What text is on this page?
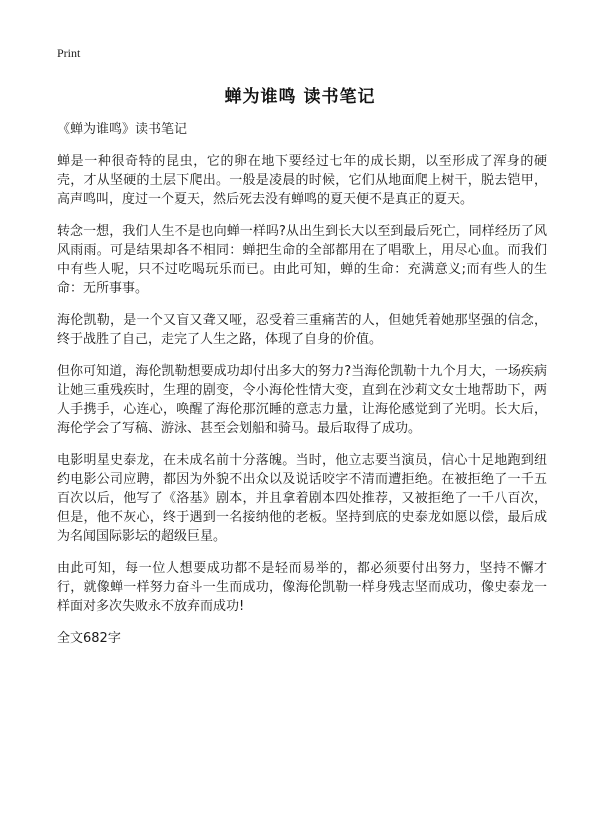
Print
蝉为谁鸣 读书笔记

《蝉为谁鸣》读书笔记

蝉是一种很奇特的昆虫，它的卵在地下要经过七年的成长期，以至形成了浑身的硬壳，才从坚硬的土层下爬出。一般是凌晨的时候，它们从地面爬上树干，脱去铠甲，高声鸣叫，度过一个夏天，然后死去没有蝉鸣的夏天便不是真正的夏天。

转念一想，我们人生不是也向蝉一样吗?从出生到长大以至到最后死亡，同样经历了风风雨雨。可是结果却各不相同：蝉把生命的全部都用在了唱歌上，用尽心血。而我们中有些人呢，只不过吃喝玩乐而已。由此可知，蝉的生命：充满意义;而有些人的生命：无所事事。

海伦凯勒，是一个又盲又聋又哑，忍受着三重痛苦的人，但她凭着她那坚强的信念，终于战胜了自己，走完了人生之路，体现了自身的价值。

但你可知道，海伦凯勒想要成功却付出多大的努力?当海伦凯勒十九个月大，一场疾病让她三重残疾时，生理的剧变，令小海伦性情大变，直到在沙莉文女士地帮助下，两人手携手，心连心，唤醒了海伦那沉睡的意志力量，让海伦感觉到了光明。长大后，海伦学会了写稿、游泳、甚至会划船和骑马。最后取得了成功。

电影明星史泰龙，在未成名前十分落魄。当时，他立志要当演员，信心十足地跑到纽约电影公司应聘，都因为外貌不出众以及说话咬字不清而遭拒绝。在被拒绝了一千五百次以后，他写了《洛基》剧本，并且拿着剧本四处推荐，又被拒绝了一千八百次，但是，他不灰心，终于遇到一名接纳他的老板。坚持到底的史泰龙如愿以偿，最后成为名闻国际影坛的超级巨星。

由此可知，每一位人想要成功都不是轻而易举的，都必须要付出努力，坚持不懈才行，就像蝉一样努力奋斗一生而成功，像海伦凯勒一样身残志坚而成功，像史泰龙一样面对多次失败永不放弃而成功!

全文682字
